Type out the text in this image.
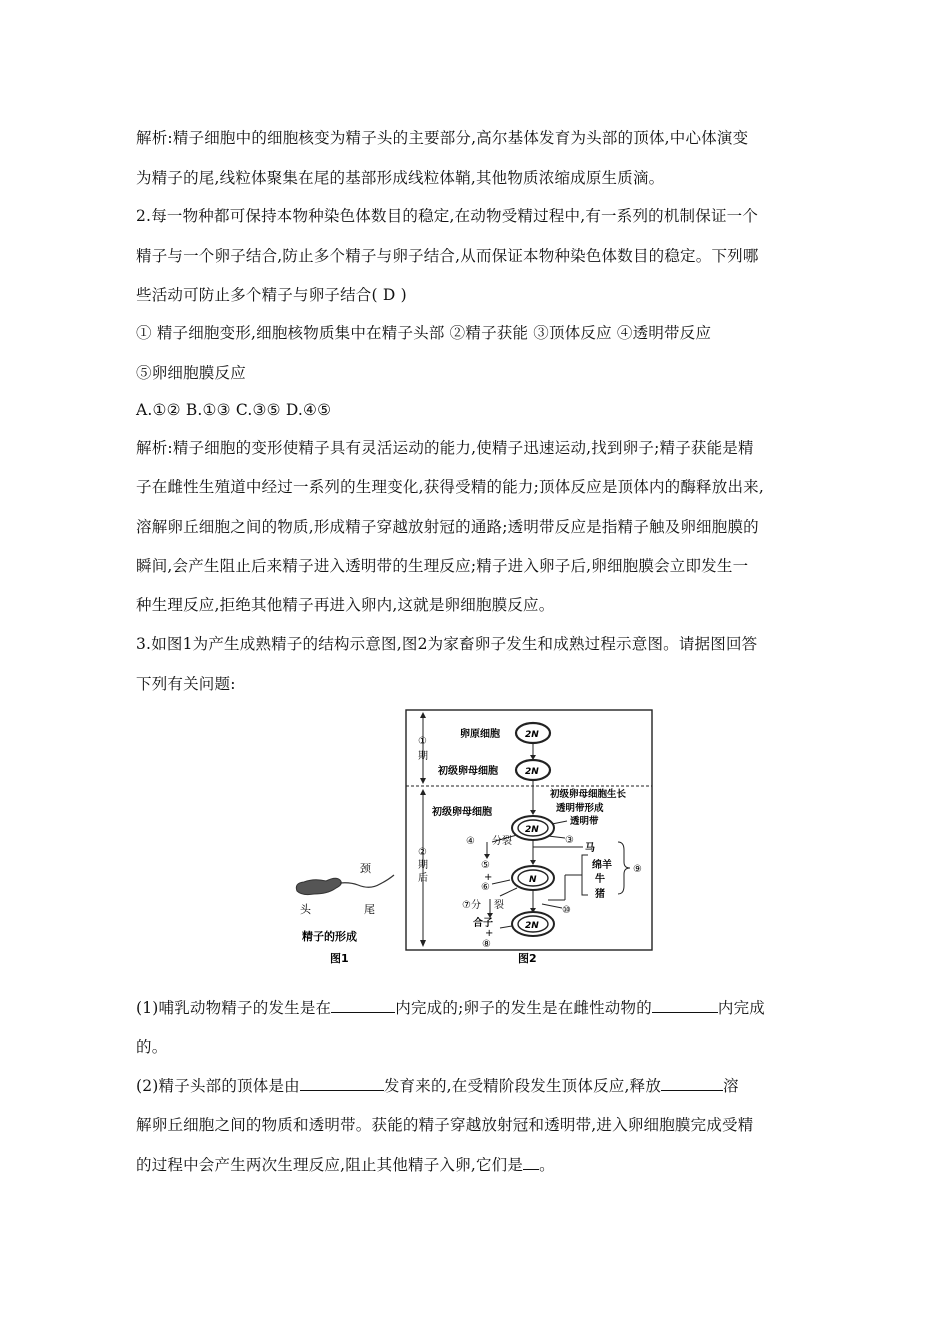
解析:精子细胞中的细胞核变为精子头的主要部分,高尔基体发育为头部的顶体,中心体演变
为精子的尾,线粒体聚集在尾的基部形成线粒体鞘,其他物质浓缩成原生质滴。
2.每一物种都可保持本物种染色体数目的稳定,在动物受精过程中,有一系列的机制保证一个
精子与一个卵子结合,防止多个精子与卵子结合,从而保证本物种染色体数目的稳定。下列哪
些活动可防止多个精子与卵子结合( D )
① 精子细胞变形,细胞核物质集中在精子头部 ②精子获能 ③顶体反应 ④透明带反应
⑤卵细胞膜反应
A.①② B.①③ C.③⑤ D.④⑤
解析:精子细胞的变形使精子具有灵活运动的能力,使精子迅速运动,找到卵子;精子获能是精
子在雌性生殖道中经过一系列的生理变化,获得受精的能力;顶体反应是顶体内的酶释放出来,
溶解卵丘细胞之间的物质,形成精子穿越放射冠的通路;透明带反应是指精子触及卵细胞膜的
瞬间,会产生阻止后来精子进入透明带的生理反应;精子进入卵子后,卵细胞膜会立即发生一
种生理反应,拒绝其他精子再进入卵内,这就是卵细胞膜反应。
3.如图1为产生成熟精子的结构示意图,图2为家畜卵子发生和成熟过程示意图。请据图回答
下列有关问题:
颈
头	尾
精子的形成
图1
①
期
②
期
后
卵原细胞	2N
初级卵母细胞	2N
初级卵母细胞生长
透明带形成
透明带
初级卵母细胞
2N
③
④ 分裂
⑤
+
⑥
马
N
绵羊
牛
猪
⑨
⑩
⑦分 裂
2N
合子
+
⑧
图2
(1)哺乳动物精子的发生是在	内完成的;卵子的发生是在雌性动物的	内完成
的。
(2)精子头部的顶体是由	发育来的,在受精阶段发生顶体反应,释放	溶
解卵丘细胞之间的物质和透明带。获能的精子穿越放射冠和透明带,进入卵细胞膜完成受精
的过程中会产生两次生理反应,阻止其他精子入卵,它们是 。
